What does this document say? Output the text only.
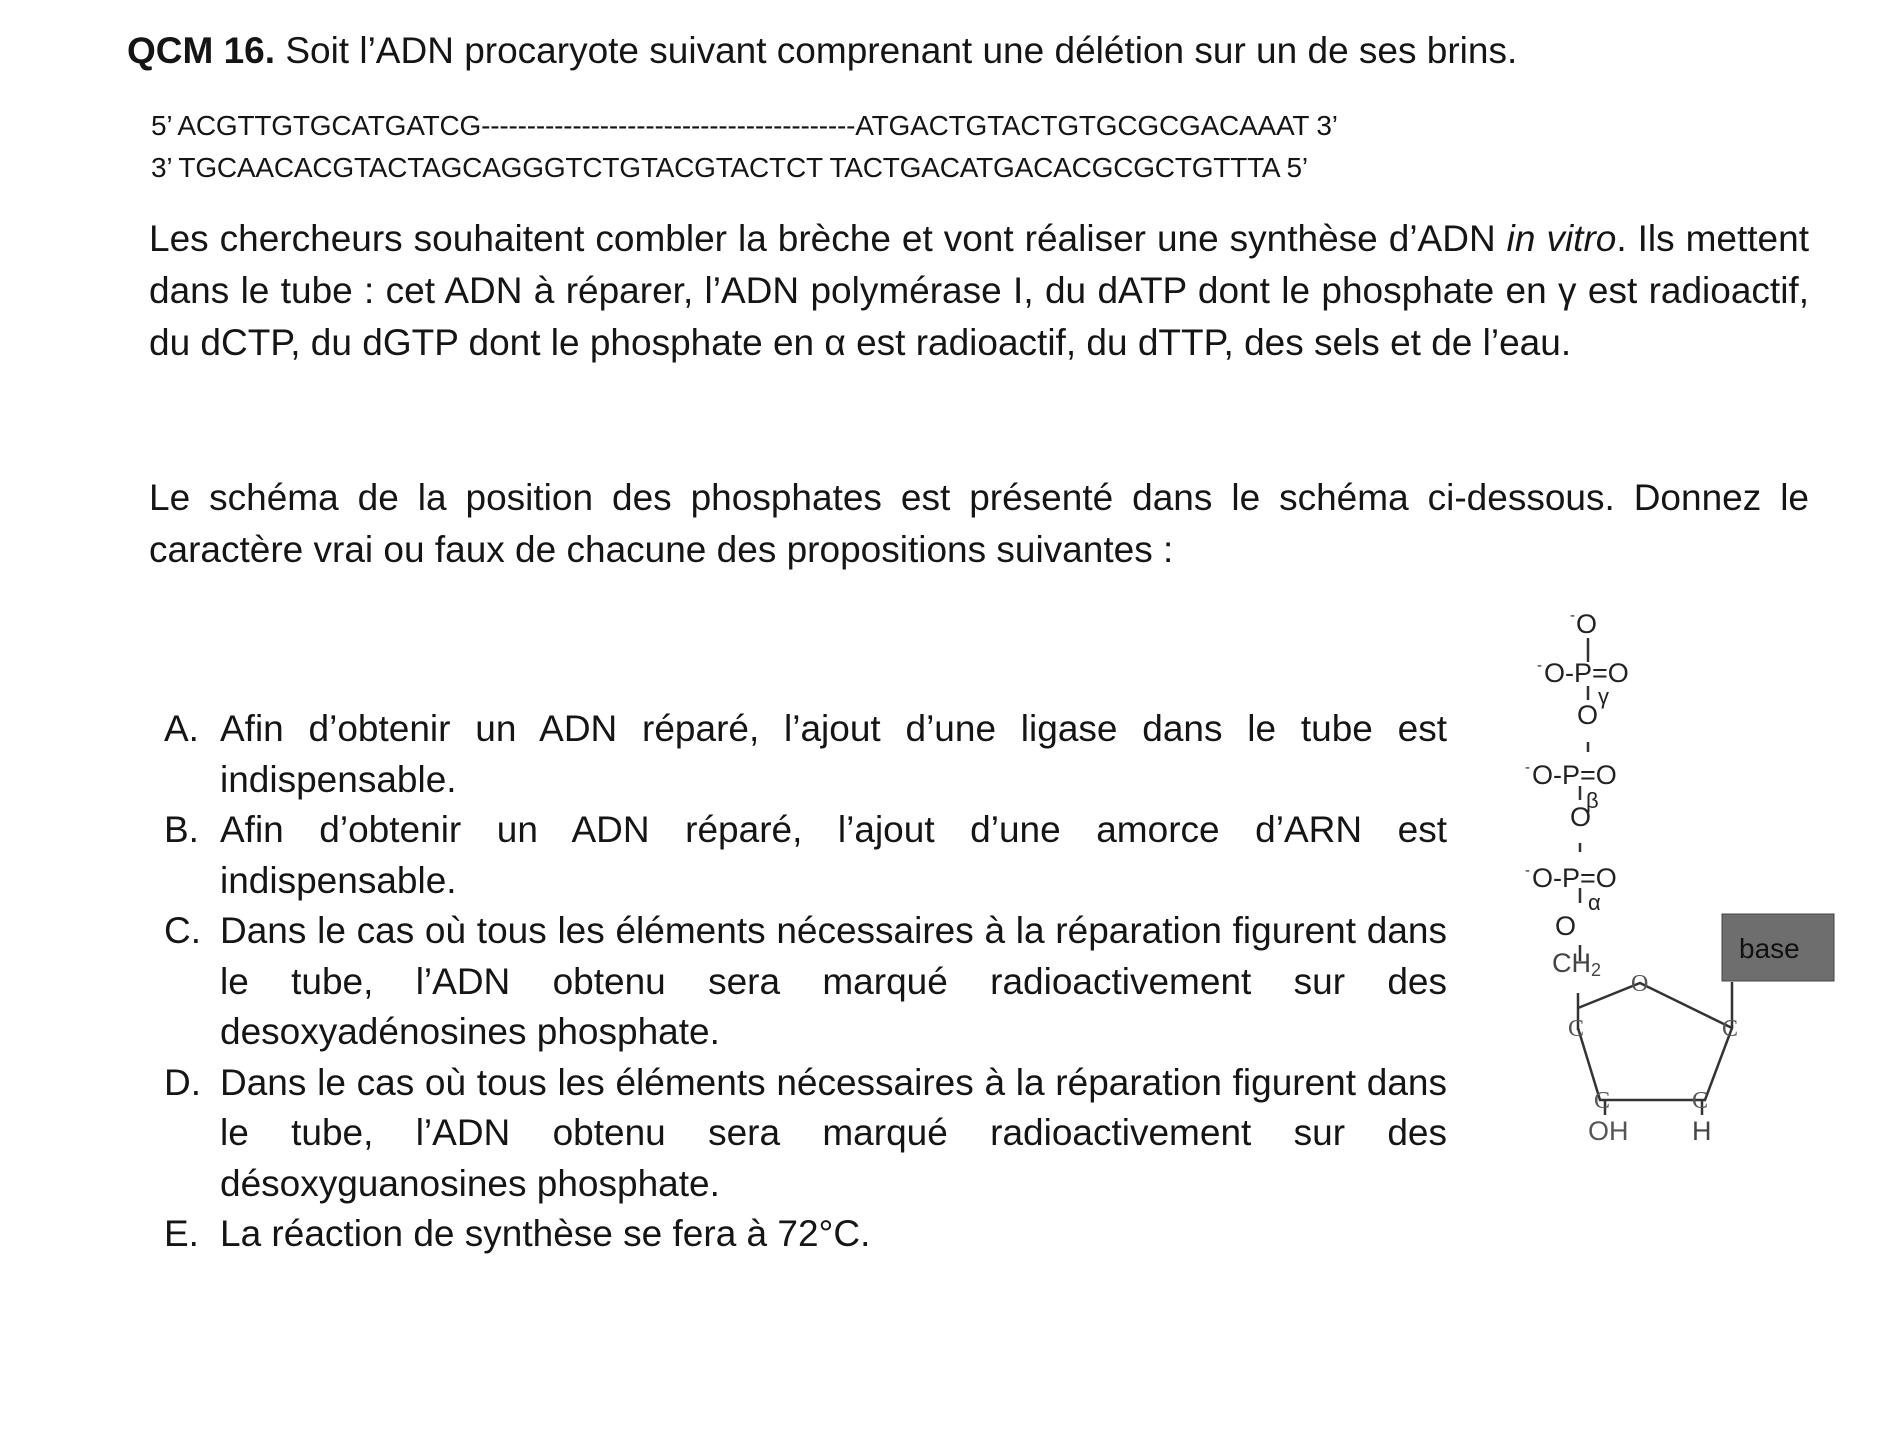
QCM 16. Soit l’ADN procaryote suivant comprenant une délétion sur un de ses brins.
5’ ACGTTGTGCATGATCG-----------------------------------------ATGACTGTACTGTGCGCGACAAAT 3’
3’ TGCAACACGTACTAGCAGGGTCTGTACGTACTCT TACTGACATGACACGCGCTGTTTA 5’
Les chercheurs souhaitent combler la brèche et vont réaliser une synthèse d’ADN in vitro. Ils mettent dans le tube : cet ADN à réparer, l’ADN polymérase I, du dATP dont le phosphate en γ est radioactif, du dCTP, du dGTP dont le phosphate en α est radioactif, du dTTP, des sels et de l’eau.
Le schéma de la position des phosphates est présenté dans le schéma ci-dessous. Donnez le caractère vrai ou faux de chacune des propositions suivantes :
A. Afin d’obtenir un ADN réparé, l’ajout d’une ligase dans le tube est indispensable.
B. Afin d’obtenir un ADN réparé, l’ajout d’une amorce d’ARN est indispensable.
C. Dans le cas où tous les éléments nécessaires à la réparation figurent dans le tube, l’ADN obtenu sera marqué radioactivement sur des desoxyadénosines phosphate.
D. Dans le cas où tous les éléments nécessaires à la réparation figurent dans le tube, l’ADN obtenu sera marqué radioactivement sur des désoxyguanosines phosphate.
E. La réaction de synthèse se fera à 72°C.
O
-
O-P=O
-
γ
O
O-P=O
-
β
O
O-P=O
-
α
O
base
CH2
O
C	C
C	C
OH H
